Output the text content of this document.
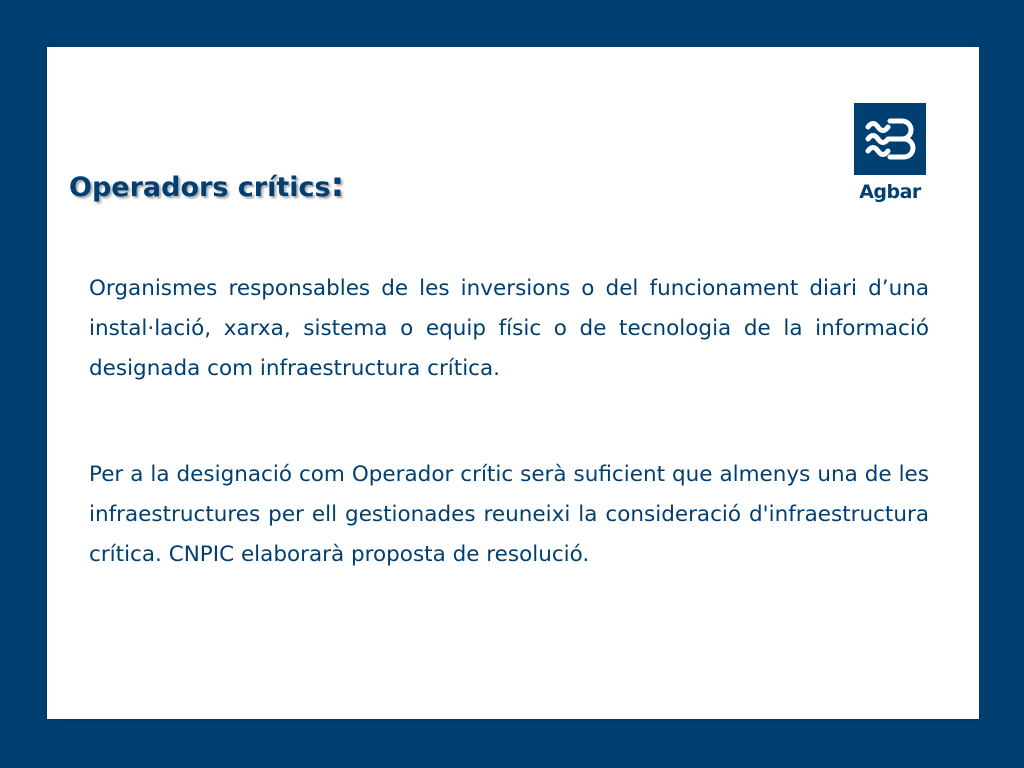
Operadors crítics:	Agbar

Organismes responsables de les inversions o del funcionament diari d’una instal·lació, xarxa, sistema o equip físic o de tecnologia de la informació designada com infraestructura crítica.

Per a la designació com Operador crític serà suficient que almenys una de les infraestructures per ell gestionades reuneixi la consideració d'infraestructura crítica. CNPIC elaborarà proposta de resolució.
